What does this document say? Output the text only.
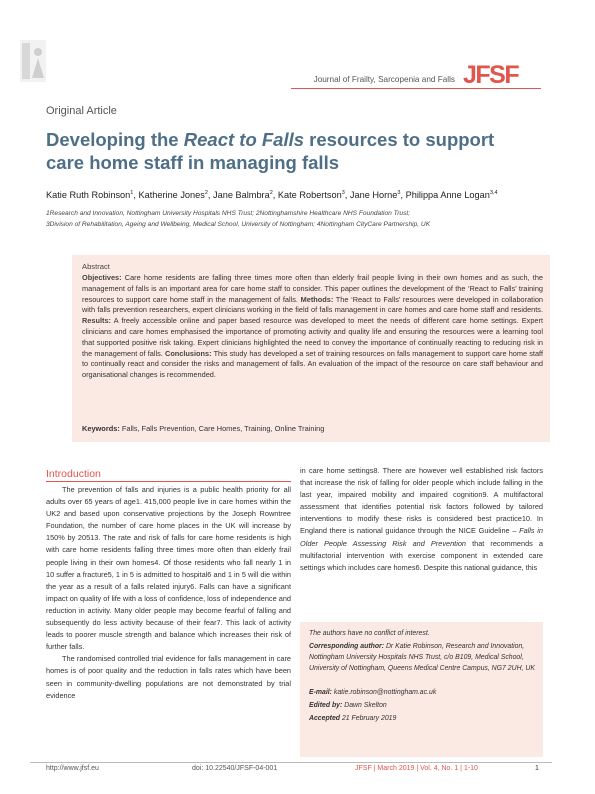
Journal of Frailty, Sarcopenia and Falls JFSF
Original Article
Developing the React to Falls resources to support
care home staff in managing falls
Katie Ruth Robinson$^1$, Katherine Jones$^2$, Jane Balmbra$^2$, Kate Robertson$^3$, Jane Horne$^3$, Philippa Anne Logan$^{3,4}$
1Research and Innovation, Nottingham University Hospitals NHS Trust; 2Nottinghamshire Healthcare NHS Foundation Trust;
3Division of Rehabilitation, Ageing and Wellbeing, Medical School, University of Nottingham; 4Nottingham CityCare Partnership, UK
Abstract
Objectives: Care home residents are falling three times more often than elderly frail people living in their own homes and as such, the management of falls is an important area for care home staff to consider. This paper outlines the development of the ‘React to Falls’ training resources to support care home staff in the management of falls. Methods: The ‘React to Falls’ resources were developed in collaboration with falls prevention researchers, expert clinicians working in the field of falls management in care homes and care home staff and residents. Results: A freely accessible online and paper based resource was developed to meet the needs of different care home settings. Expert clinicians and care homes emphasised the importance of promoting activity and quality life and ensuring the resources were a learning tool that supported positive risk taking. Expert clinicians highlighted the need to convey the importance of continually reacting to reducing risk in the management of falls. Conclusions: This study has developed a set of training resources on falls management to support care home staff to continually react and consider the risks and management of falls. An evaluation of the impact of the resource on care staff behaviour and organisational changes is recommended.
Keywords: Falls, Falls Prevention, Care Homes, Training, Online Training
Introduction

The prevention of falls and injuries is a public health priority for all adults over 65 years of age1. 415,000 people live in care homes within the UK2 and based upon conservative projections by the Joseph Rowntree Foundation, the number of care home places in the UK will increase by 150% by 20513. The rate and risk of falls for care home residents is high with care home residents falling three times more often than elderly frail people living in their own homes4. Of those residents who fall nearly 1 in 10 suffer a fracture5, 1 in 5 is admitted to hospital6 and 1 in 5 will die within the year as a result of a falls related injury6. Falls can have a significant impact on quality of life with a loss of confidence, loss of independence and reduction in activity. Many older people may become fearful of falling and subsequently do less activity because of their fear7. This lack of activity leads to poorer muscle strength and balance which increases their risk of further falls.

The randomised controlled trial evidence for falls management in care homes is of poor quality and the reduction in falls rates which have been seen in community-dwelling populations are not demonstrated by trial evidence

in care home settings8. There are however well established risk factors that increase the risk of falling for older people which include falling in the last year, impaired mobility and impaired cognition9. A multifactoral assessment that identifies potential risk factors followed by tailored interventions to modify these risks is considered best practice10. In England there is national guidance through the NICE Guideline – Falls in Older People Assessing Risk and Prevention that recommends a multifactorial intervention with exercise component in extended care settings which includes care homes6. Despite this national guidance, this

The authors have no conflict of interest.
Corresponding author: Dr Katie Robinson, Research and Innovation, Nottingham University Hospitals NHS Trust, c/o B109, Medical School, University of Nottingham, Queens Medical Centre Campus, NG7 2UH, UK
E-mail: katie.robinson@nottingham.ac.uk
Edited by: Dawn Skelton
Accepted 21 February 2019
http://www.jfsf.eu	doi: 10.22540/JFSF-04-001	JFSF | March 2019 | Vol. 4, No. 1 | 1-10	1
